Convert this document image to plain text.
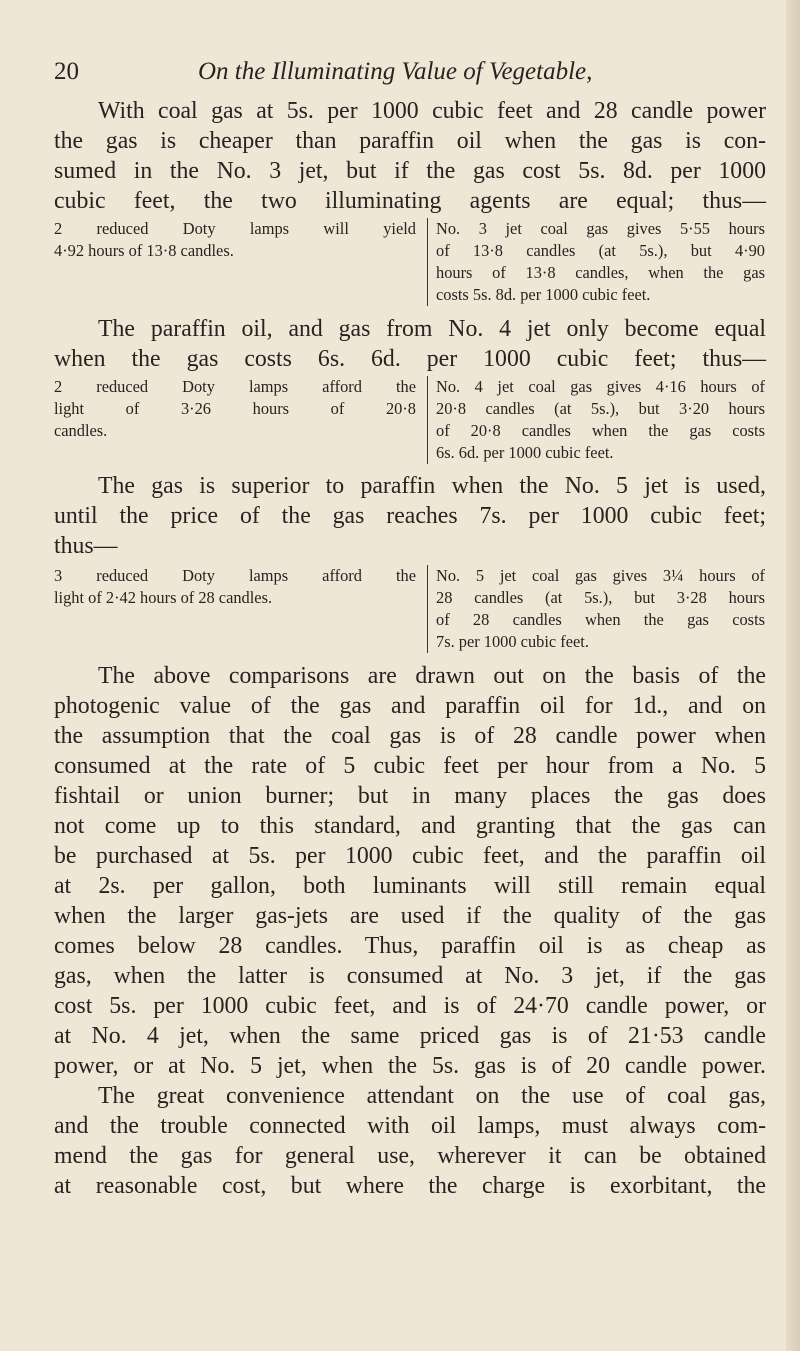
20	On the Illuminating Value of Vegetable,
With coal gas at 5s. per 1000 cubic feet and 28 candle power
the gas is cheaper than paraffin oil when the gas is con-
sumed in the No. 3 jet, but if the gas cost 5s. 8d. per 1000
cubic feet, the two illuminating agents are equal; thus—
2 reduced Doty lamps will yield
4·92 hours of 13·8 candles.
No. 3 jet coal gas gives 5·55 hours
of 13·8 candles (at 5s.), but 4·90
hours of 13·8 candles, when the gas
costs 5s. 8d. per 1000 cubic feet.
The paraffin oil, and gas from No. 4 jet only become equal
when the gas costs 6s. 6d. per 1000 cubic feet; thus—
2 reduced Doty lamps afford the
light of 3·26 hours of 20·8
candles.
No. 4 jet coal gas gives 4·16 hours of
20·8 candles (at 5s.), but 3·20 hours
of 20·8 candles when the gas costs
6s. 6d. per 1000 cubic feet.
The gas is superior to paraffin when the No. 5 jet is used,
until the price of the gas reaches 7s. per 1000 cubic feet;
thus—
3 reduced Doty lamps afford the
light of 2·42 hours of 28 candles.
No. 5 jet coal gas gives 3¼ hours of
28 candles (at 5s.), but 3·28 hours
of 28 candles when the gas costs
7s. per 1000 cubic feet.
The above comparisons are drawn out on the basis of the
photogenic value of the gas and paraffin oil for 1d., and on
the assumption that the coal gas is of 28 candle power when
consumed at the rate of 5 cubic feet per hour from a No. 5
fishtail or union burner; but in many places the gas does
not come up to this standard, and granting that the gas can
be purchased at 5s. per 1000 cubic feet, and the paraffin oil
at 2s. per gallon, both luminants will still remain equal
when the larger gas-jets are used if the quality of the gas
comes below 28 candles. Thus, paraffin oil is as cheap as
gas, when the latter is consumed at No. 3 jet, if the gas
cost 5s. per 1000 cubic feet, and is of 24·70 candle power, or
at No. 4 jet, when the same priced gas is of 21·53 candle
power, or at No. 5 jet, when the 5s. gas is of 20 candle power.
The great convenience attendant on the use of coal gas,
and the trouble connected with oil lamps, must always com-
mend the gas for general use, wherever it can be obtained
at reasonable cost, but where the charge is exorbitant, the
